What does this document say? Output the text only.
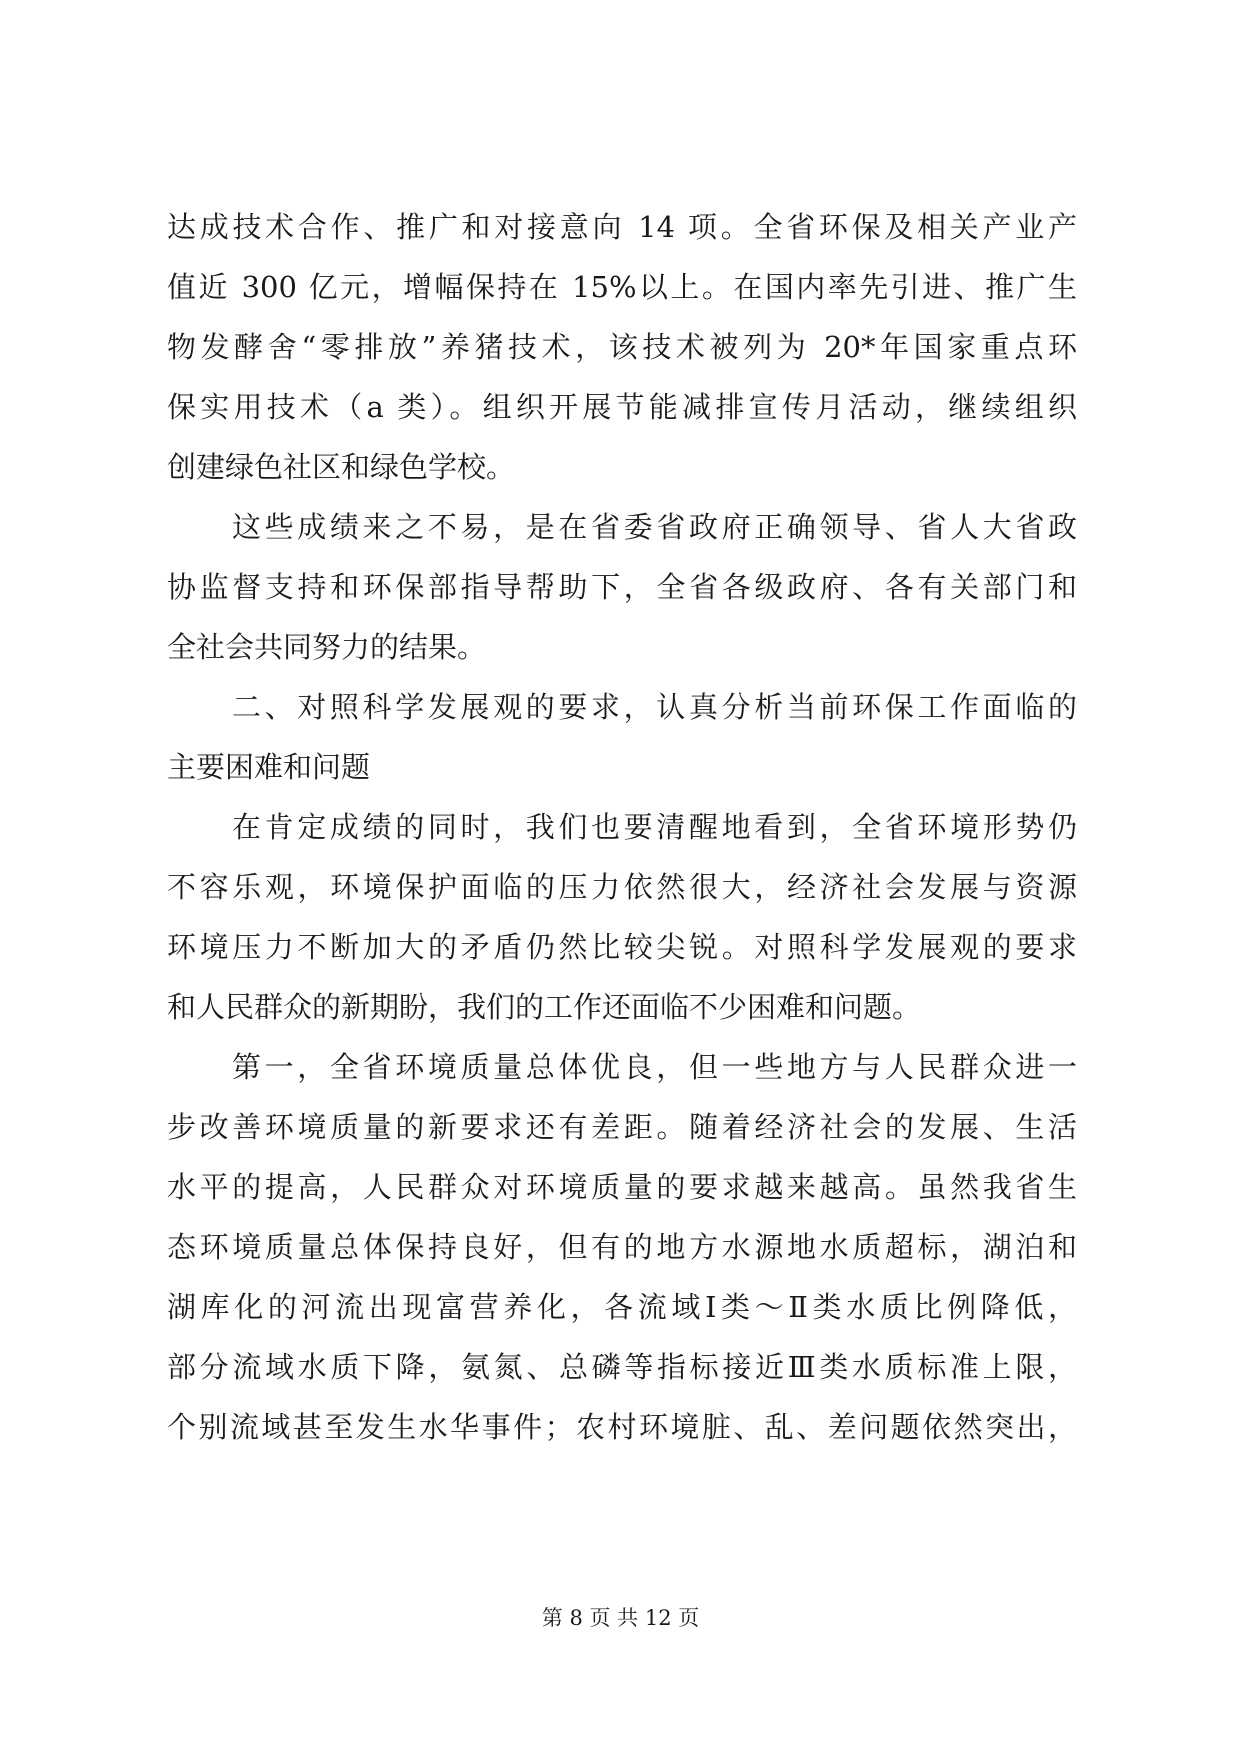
达成技术合作、推广和对接意向 14 项。全省环保及相关产业产
值近 300 亿元，增幅保持在 15%以上。在国内率先引进、推广生
物发酵舍“零排放”养猪技术，该技术被列为 20*年国家重点环
保实用技术（a 类）。组织开展节能减排宣传月活动，继续组织
创建绿色社区和绿色学校。
这些成绩来之不易，是在省委省政府正确领导、省人大省政
协监督支持和环保部指导帮助下，全省各级政府、各有关部门和
全社会共同努力的结果。
二、对照科学发展观的要求，认真分析当前环保工作面临的
主要困难和问题
在肯定成绩的同时，我们也要清醒地看到，全省环境形势仍
不容乐观，环境保护面临的压力依然很大，经济社会发展与资源
环境压力不断加大的矛盾仍然比较尖锐。对照科学发展观的要求
和人民群众的新期盼，我们的工作还面临不少困难和问题。
第一，全省环境质量总体优良，但一些地方与人民群众进一
步改善环境质量的新要求还有差距。随着经济社会的发展、生活
水平的提高，人民群众对环境质量的要求越来越高。虽然我省生
态环境质量总体保持良好，但有的地方水源地水质超标，湖泊和
湖库化的河流出现富营养化，各流域Ⅰ类～Ⅱ类水质比例降低，
部分流域水质下降，氨氮、总磷等指标接近Ⅲ类水质标准上限，
个别流域甚至发生水华事件；农村环境脏、乱、差问题依然突出，
第 8 页 共 12 页
